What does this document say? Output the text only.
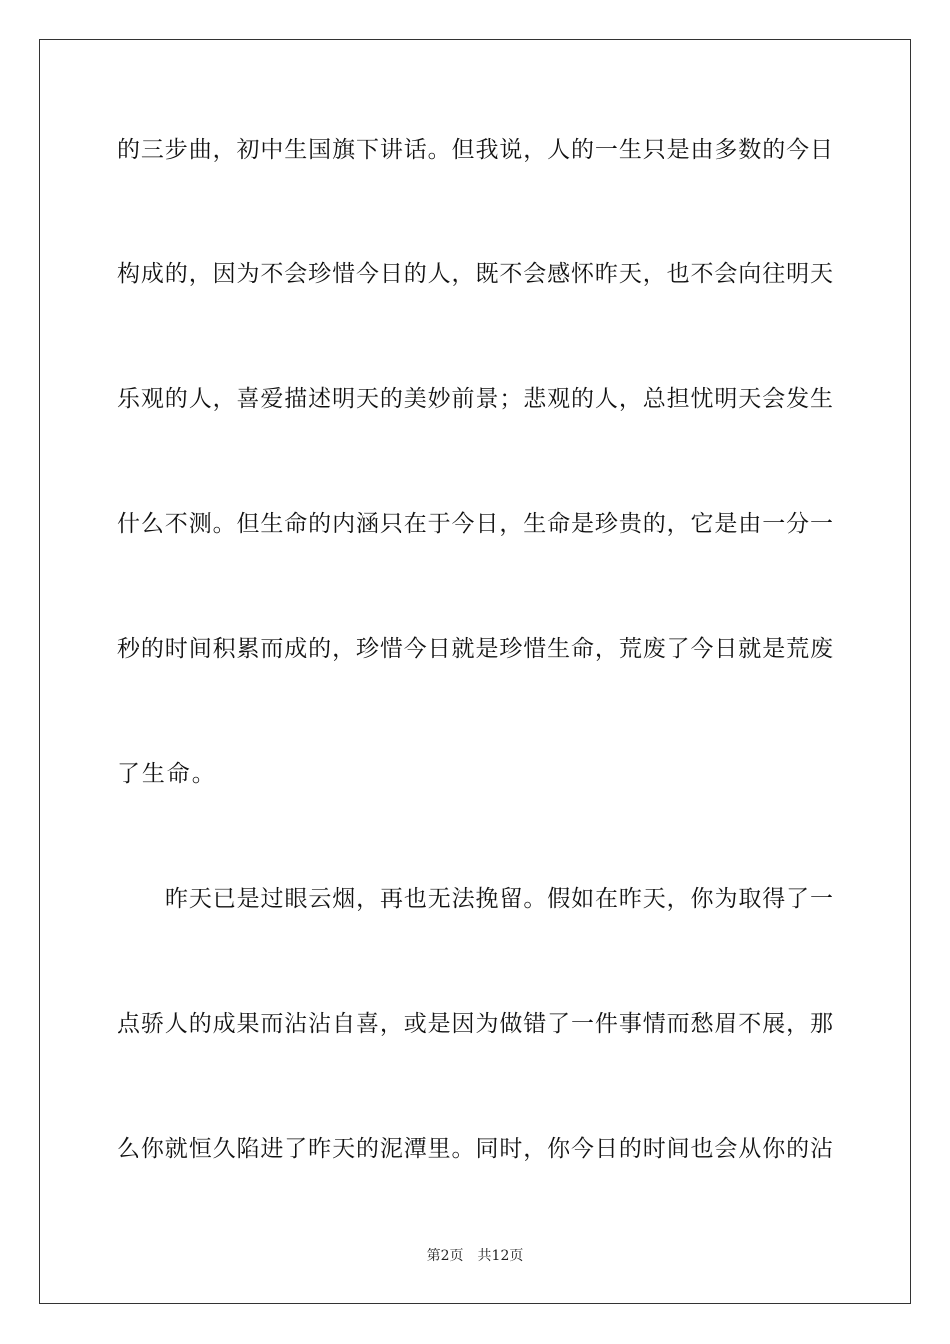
的三步曲，初中生国旗下讲话。但我说，人的一生只是由多数的今日
构成的，因为不会珍惜今日的人，既不会感怀昨天，也不会向往明天
乐观的人，喜爱描述明天的美妙前景；悲观的人，总担忧明天会发生
什么不测。但生命的内涵只在于今日，生命是珍贵的，它是由一分一
秒的时间积累而成的，珍惜今日就是珍惜生命，荒废了今日就是荒废
了生命。
昨天已是过眼云烟，再也无法挽留。假如在昨天，你为取得了一
点骄人的成果而沾沾自喜，或是因为做错了一件事情而愁眉不展，那
么你就恒久陷进了昨天的泥潭里。同时，你今日的时间也会从你的沾
第2页 共12页
